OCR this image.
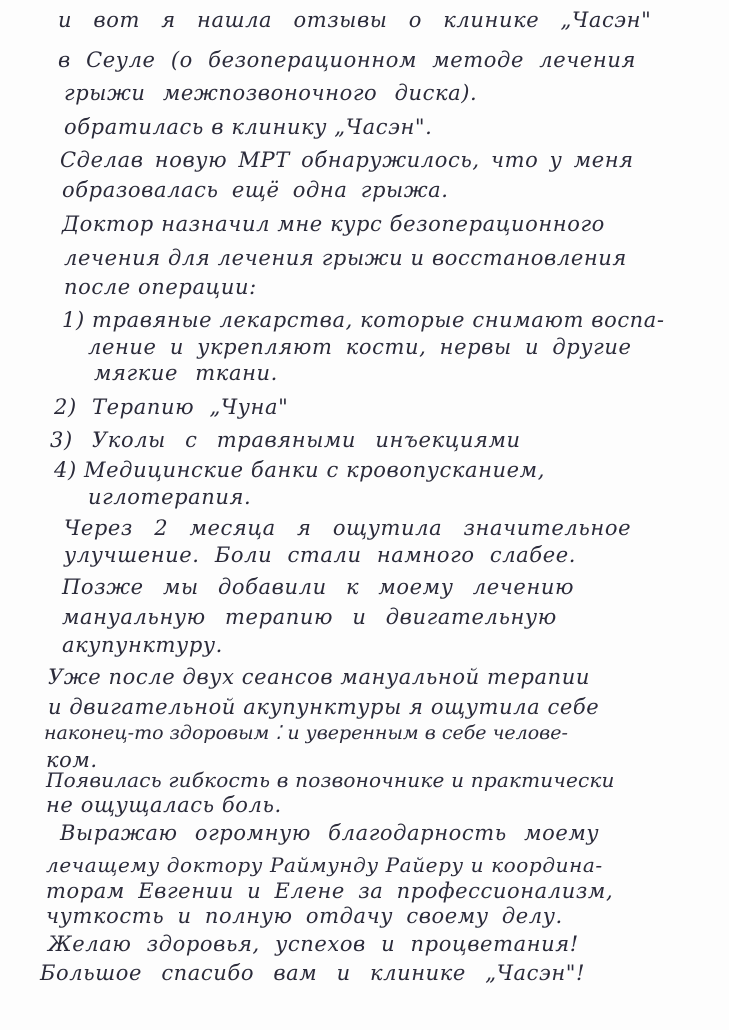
и вот я нашла отзывы о клинике „Часэн"
в Сеуле (о безоперационном методе лечения
грыжи межпозвоночного диска).
обратилась в клинику „Часэн".
Сделав новую МРТ обнаружилось, что у меня
образовалась ещё одна грыжа.
Доктор назначил мне курс безоперационного
лечения для лечения грыжи и восстановления
после операции:
1) травяные лекарства, которые снимают воспа-
ление и укрепляют кости, нервы и другие
мягкие ткани.
2) Терапию „Чуна"
3) Уколы с травяными инъекциями
4) Медицинские банки с кровопусканием,
иглотерапия.
Через 2 месяца я ощутила значительное
улучшение. Боли стали намного слабее.
Позже мы добавили к моему лечению
мануальную терапию и двигательную
акупунктуру.
Уже после двух сеансов мануальной терапии
и двигательной акупунктуры я ощутила себе
наконец-то здоровым ⁚ и уверенным в себе челове-
ком.
Появилась гибкость в позвоночнике и практически
не ощущалась боль.
Выражаю огромную благодарность моему
лечащему доктору Раймунду Райеру и координа-
торам Евгении и Елене за профессионализм,
чуткость и полную отдачу своему делу.
Желаю здоровья, успехов и процветания!
Большое спасибо вам и клинике „Часэн"!
